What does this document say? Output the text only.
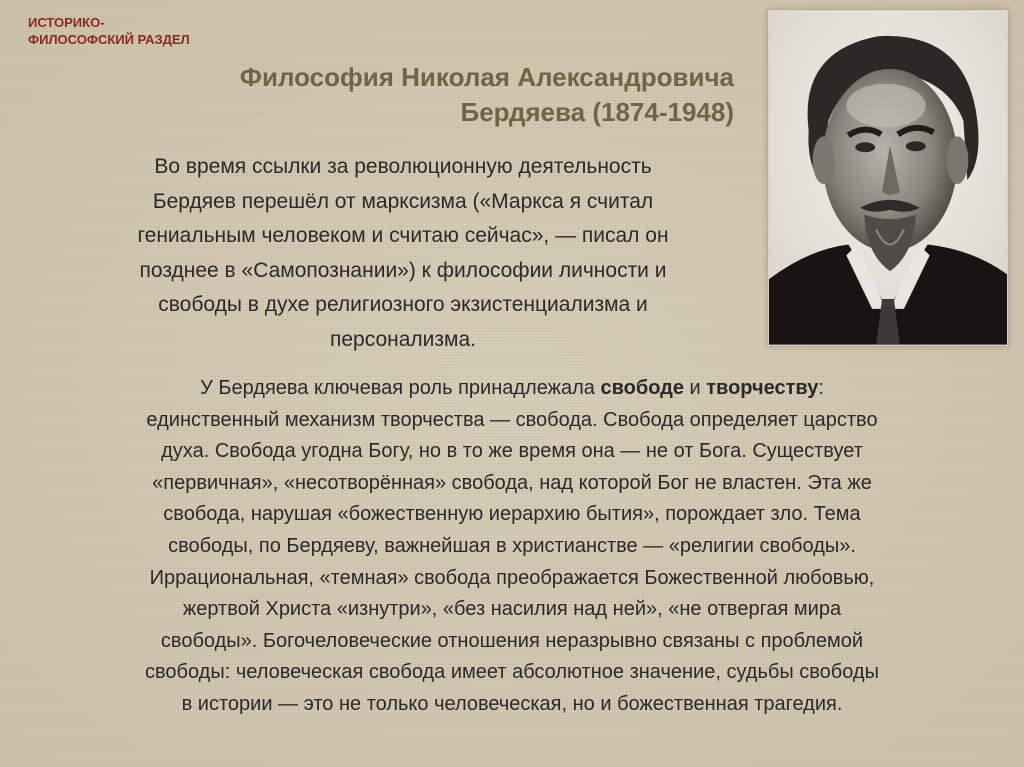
ИСТОРИКО-
ФИЛОСОФСКИЙ РАЗДЕЛ
Философия Николая Александровича
Бердяева (1874-1948)
Во время ссылки за революционную деятельность
Бердяев перешёл от марксизма («Маркса я считал
гениальным человеком и считаю сейчас», — писал он
позднее в «Самопознании») к философии личности и
свободы в духе религиозного экзистенциализма и
персонализма.
У Бердяева ключевая роль принадлежала свободе и творчеству:
единственный механизм творчества — свобода. Свобода определяет царство
духа. Свобода угодна Богу, но в то же время она — не от Бога. Существует
«первичная», «несотворённая» свобода, над которой Бог не властен. Эта же
свобода, нарушая «божественную иерархию бытия», порождает зло. Тема
свободы, по Бердяеву, важнейшая в христианстве — «религии свободы».
Иррациональная, «темная» свобода преображается Божественной любовью,
жертвой Христа «изнутри», «без насилия над ней», «не отвергая мира
свободы». Богочеловеческие отношения неразрывно связаны с проблемой
свободы: человеческая свобода имеет абсолютное значение, судьбы свободы
в истории — это не только человеческая, но и божественная трагедия.
